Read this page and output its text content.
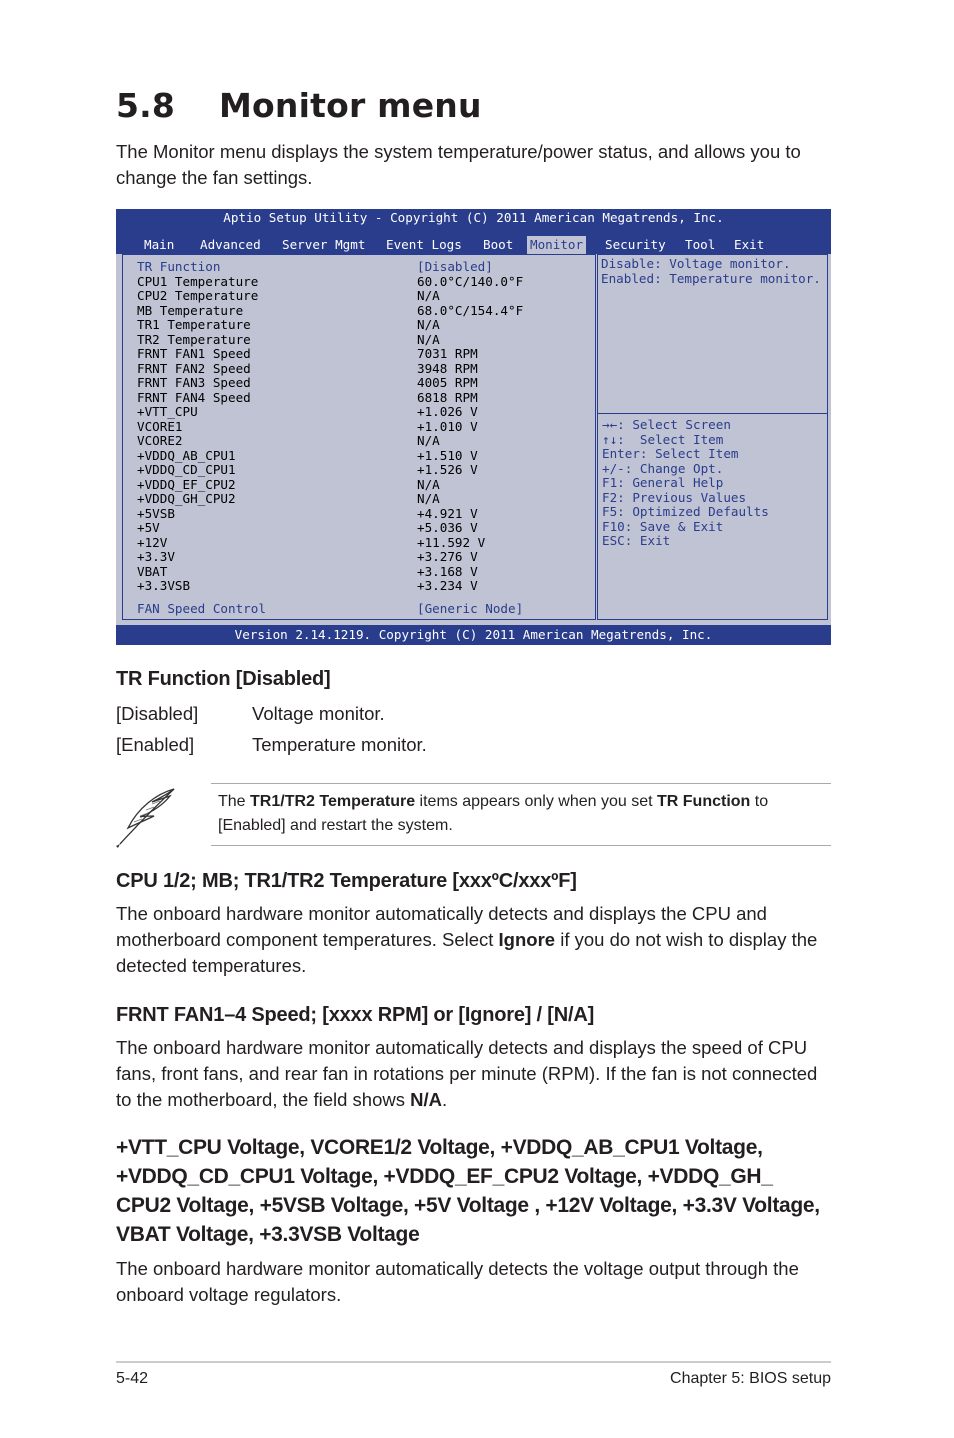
5.8 Monitor menu
The Monitor menu displays the system temperature/power status, and allows you to change the fan settings.
Aptio Setup Utility - Copyright (C) 2011 American Megatrends, Inc.
Main Advanced Server Mgmt Event Logs Boot Monitor Security Tool Exit
TR Function	[Disabled]
CPU1 Temperature	60.0°C/140.0°F
CPU2 Temperature	N/A
MB Temperature	68.0°C/154.4°F
TR1 Temperature	N/A
TR2 Temperature	N/A
FRNT FAN1 Speed	7031 RPM
FRNT FAN2 Speed	3948 RPM
FRNT FAN3 Speed	4005 RPM
FRNT FAN4 Speed	6818 RPM
+VTT_CPU	+1.026 V
VCORE1	+1.010 V
VCORE2	N/A
+VDDQ_AB_CPU1	+1.510 V
+VDDQ_CD_CPU1	+1.526 V
+VDDQ_EF_CPU2	N/A
+VDDQ_GH_CPU2	N/A
+5VSB	+4.921 V
+5V	+5.036 V
+12V	+11.592 V
+3.3V	+3.276 V
VBAT	+3.168 V
+3.3VSB	+3.234 V
FAN Speed Control	[Generic Node]
Disable: Voltage monitor.
Enabled: Temperature monitor.
→←: Select Screen
↑↓:  Select Item
Enter: Select Item
+/-: Change Opt.
F1: General Help
F2: Previous Values
F5: Optimized Defaults
F10: Save & Exit
ESC: Exit
Version 2.14.1219. Copyright (C) 2011 American Megatrends, Inc.
TR Function [Disabled]
[Disabled]	Voltage monitor.
[Enabled]	Temperature monitor.
The TR1/TR2 Temperature items appears only when you set TR Function to [Enabled] and restart the system.
CPU 1/2; MB; TR1/TR2 Temperature [xxxºC/xxxºF]
The onboard hardware monitor automatically detects and displays the CPU and motherboard component temperatures. Select Ignore if you do not wish to display the detected temperatures.
FRNT FAN1–4 Speed; [xxxx RPM] or [Ignore] / [N/A]
The onboard hardware monitor automatically detects and displays the speed of CPU fans, front fans, and rear fan in rotations per minute (RPM). If the fan is not connected to the motherboard, the field shows N/A.
+VTT_CPU Voltage, VCORE1/2 Voltage, +VDDQ_AB_CPU1 Voltage, +VDDQ_CD_CPU1 Voltage, +VDDQ_EF_CPU2 Voltage, +VDDQ_GH_ CPU2 Voltage, +5VSB Voltage, +5V Voltage , +12V Voltage, +3.3V Voltage, VBAT Voltage, +3.3VSB Voltage
The onboard hardware monitor automatically detects the voltage output through the onboard voltage regulators.
5-42	Chapter 5: BIOS setup
